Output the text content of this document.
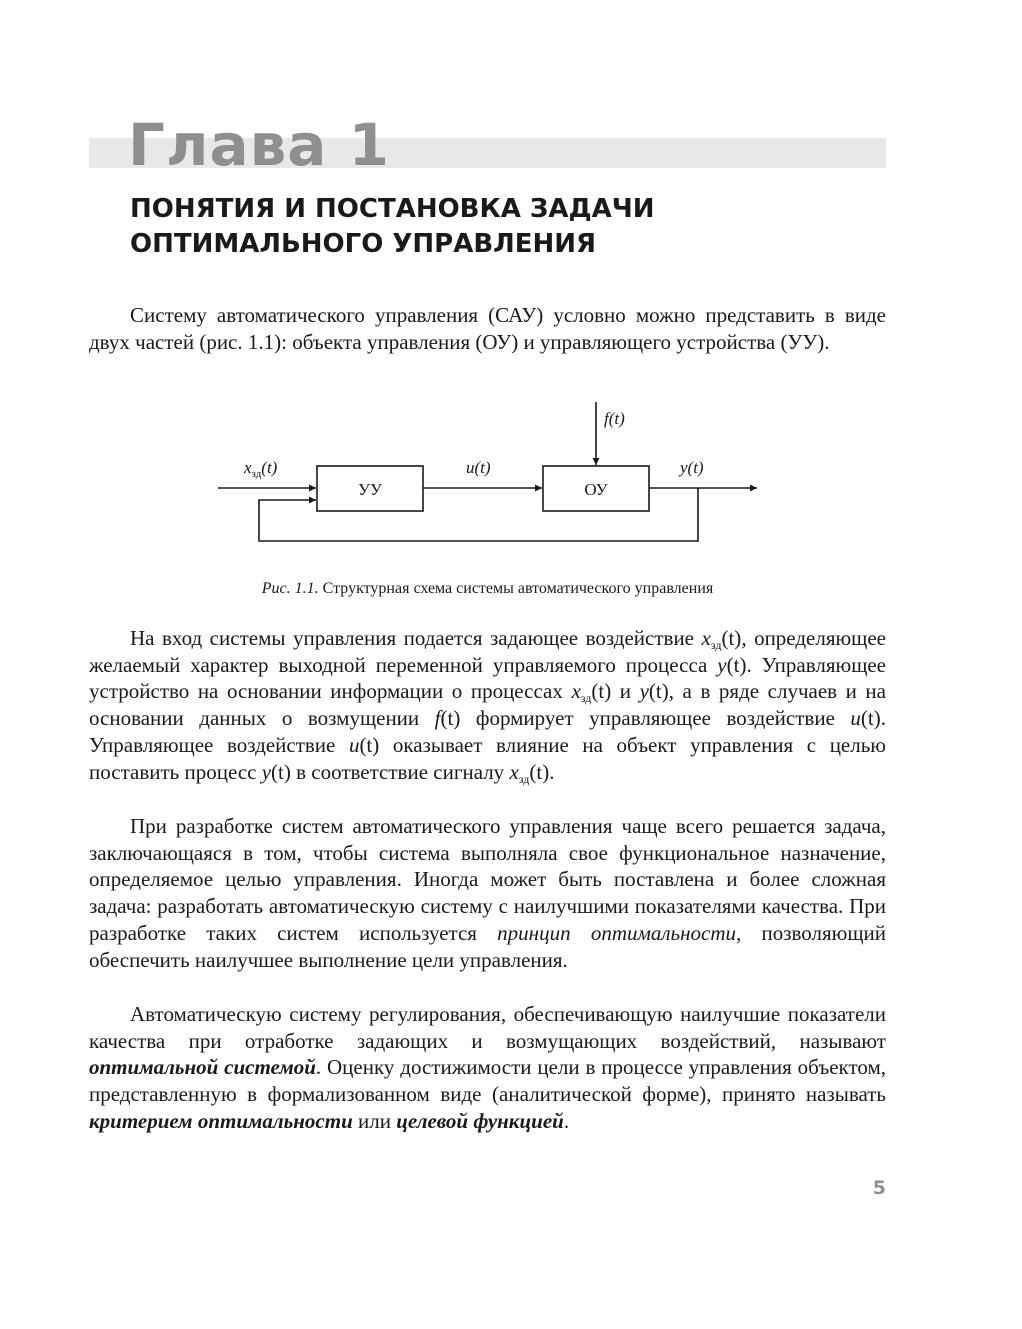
Глава 1
ПОНЯТИЯ И ПОСТАНОВКА ЗАДАЧИ
ОПТИМАЛЬНОГО УПРАВЛЕНИЯ

Систему автоматического управления (САУ) условно можно представить в виде двух частей (рис. 1.1): объекта управления (ОУ) и управляющего устройства (УУ).

УУ	ОУ
f(t)
$x_{зд}(t)$	u(t)	y(t)
Рис. 1.1. Структурная схема системы автоматического управления

На вход системы управления подается задающее воздействие $x_{зд}(t)$, определяющее желаемый характер выходной переменной управляемого процесса y(t). Управляющее устройство на основании информации о процессах $x_{зд}(t)$ и y(t), а в ряде случаев и на основании данных о возмущении f(t) формирует управляющее воздействие u(t). Управляющее воздействие u(t) оказывает влияние на объект управления с целью поставить процесс y(t) в соответствие сигналу $x_{зд}(t)$.

При разработке систем автоматического управления чаще всего решается задача, заключающаяся в том, чтобы система выполняла свое функциональное назначение, определяемое целью управления. Иногда может быть поставлена и более сложная задача: разработать автоматическую систему с наилучшими показателями качества. При разработке таких систем используется принцип оптимальности, позволяющий обеспечить наилучшее выполнение цели управления.

Автоматическую систему регулирования, обеспечивающую наилучшие показатели качества при отработке задающих и возмущающих воздействий, называют оптимальной системой. Оценку достижимости цели в процессе управления объектом, представленную в формализованном виде (аналитической форме), принято называть критерием оптимальности или целевой функцией.

5
